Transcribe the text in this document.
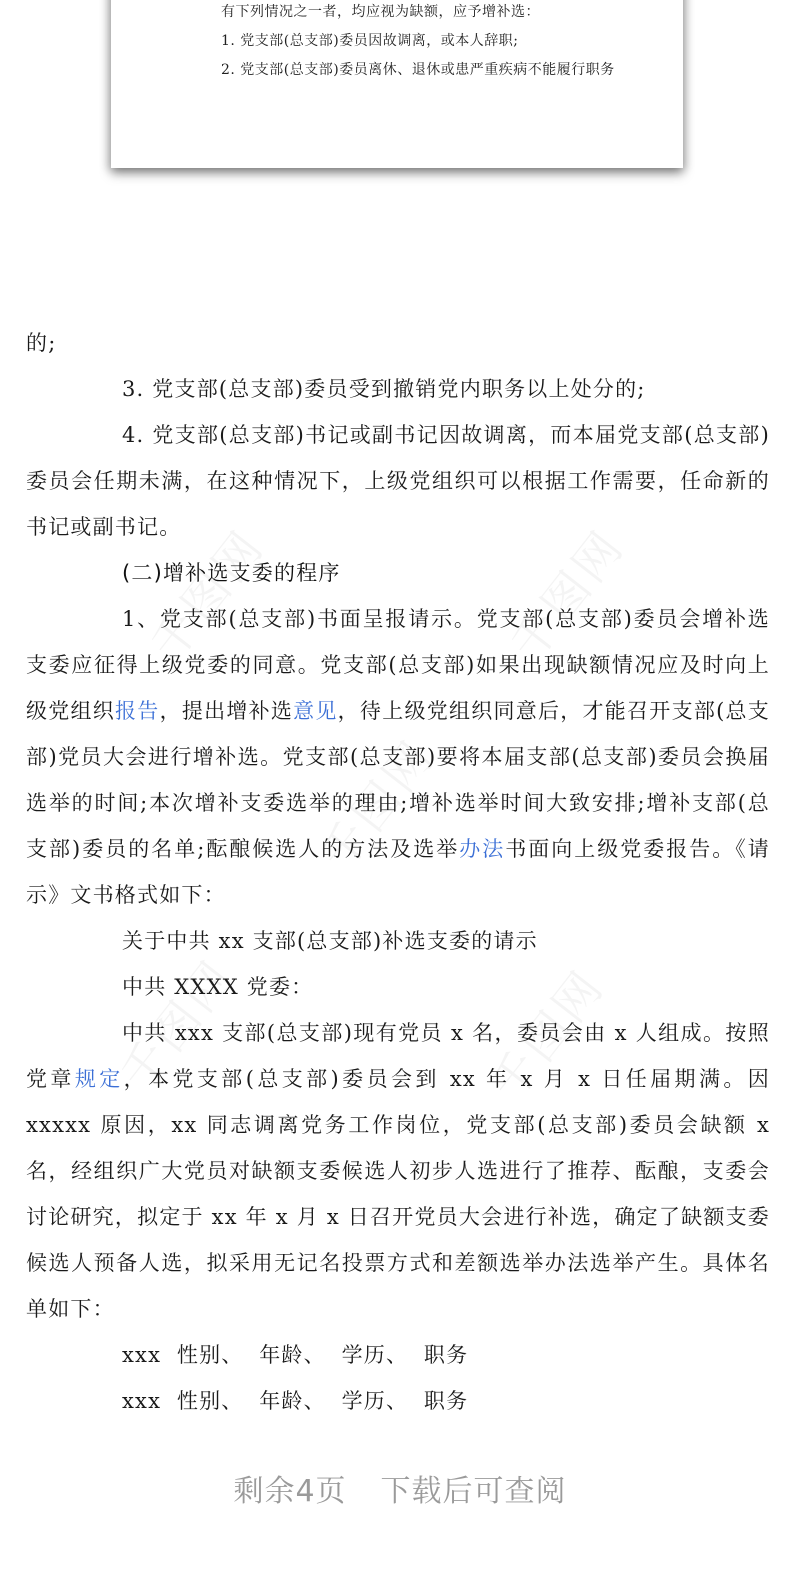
有下列情况之一者，均应视为缺额，应予增补选：
1. 党支部(总支部)委员因故调离，或本人辞职;
2. 党支部(总支部)委员离休、退休或患严重疾病不能履行职务
的;
3. 党支部(总支部)委员受到撤销党内职务以上处分的;
4. 党支部(总支部)书记或副书记因故调离，而本届党支部(总支部)委员会任期未满，在这种情况下，上级党组织可以根据工作需要，任命新的书记或副书记。
(二)增补选支委的程序
1、党支部(总支部)书面呈报请示。党支部(总支部)委员会增补选支委应征得上级党委的同意。党支部(总支部)如果出现缺额情况应及时向上级党组织报告，提出增补选意见，待上级党组织同意后，才能召开支部(总支部)党员大会进行增补选。党支部(总支部)要将本届支部(总支部)委员会换届选举的时间;本次增补支委选举的理由;增补选举时间大致安排;增补支部(总支部)委员的名单;酝酿候选人的方法及选举办法书面向上级党委报告。《请示》文书格式如下：
关于中共 xx 支部(总支部)补选支委的请示
中共 XXXX 党委：
中共 xxx 支部(总支部)现有党员 x 名，委员会由 x 人组成。按照党章规定，本党支部(总支部)委员会到 xx 年 x 月 x 日任届期满。因 xxxxx 原因，xx 同志调离党务工作岗位，党支部(总支部)委员会缺额 x 名，经组织广大党员对缺额支委候选人初步人选进行了推荐、酝酿，支委会讨论研究，拟定于 xx 年 x 月 x 日召开党员大会进行补选，确定了缺额支委候选人预备人选，拟采用无记名投票方式和差额选举办法选举产生。具体名单如下：
xxx  性别、  年龄、  学历、  职务
xxx  性别、  年龄、  学历、  职务
剩余4页 下载后可查阅
